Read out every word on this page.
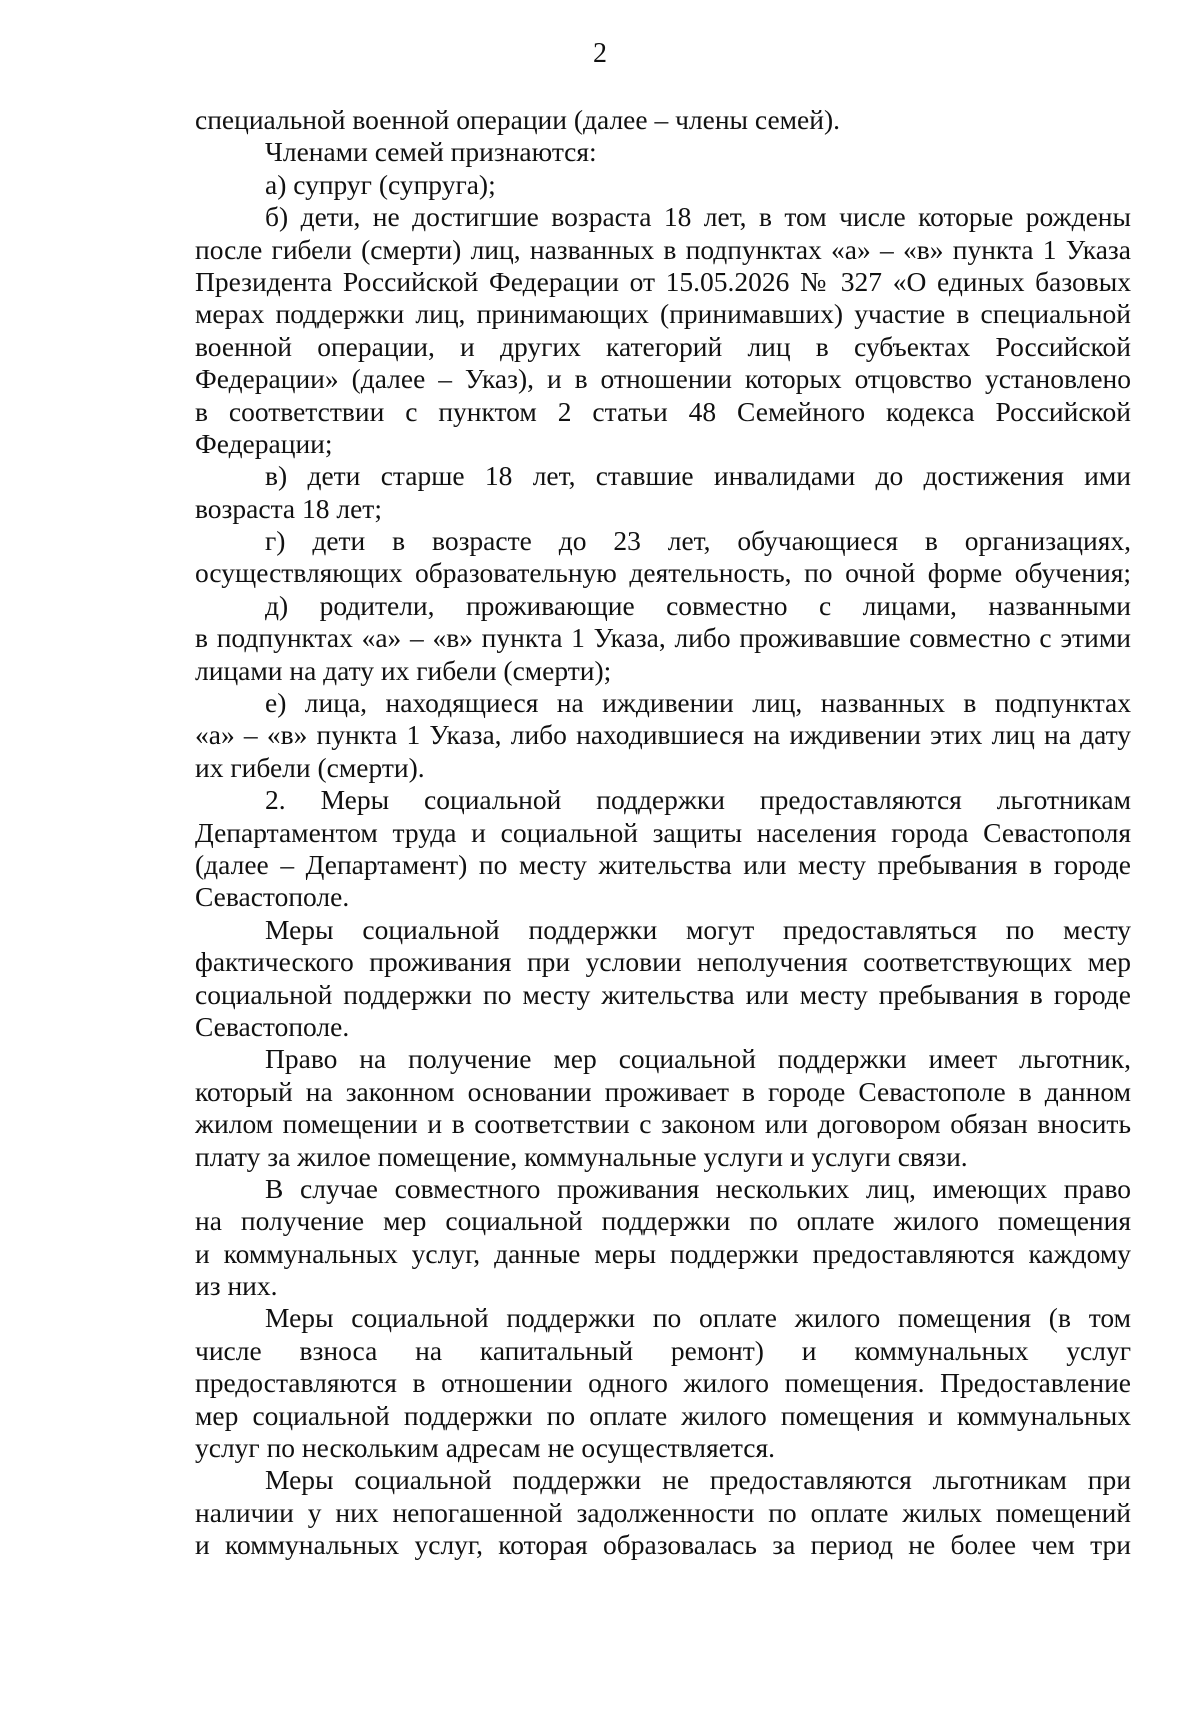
2
специальной военной операции (далее – члены семей).
Членами семей признаются:
а) супруг (супруга);
б) дети, не достигшие возраста 18 лет, в том числе которые рождены
после гибели (смерти) лиц, названных в подпунктах «а» – «в» пункта 1 Указа
Президента Российской Федерации от 15.05.2026 № 327 «О единых базовых
мерах поддержки лиц, принимающих (принимавших) участие в специальной
военной операции, и других категорий лиц в субъектах Российской
Федерации» (далее – Указ), и в отношении которых отцовство установлено
в соответствии с пунктом 2 статьи 48 Семейного кодекса Российской
Федерации;
в) дети старше 18 лет, ставшие инвалидами до достижения ими
возраста 18 лет;
г) дети в возрасте до 23 лет, обучающиеся в организациях,
осуществляющих образовательную деятельность, по очной форме обучения;
д) родители, проживающие совместно с лицами, названными
в подпунктах «а» – «в» пункта 1 Указа, либо проживавшие совместно с этими
лицами на дату их гибели (смерти);
е) лица, находящиеся на иждивении лиц, названных в подпунктах
«а» – «в» пункта 1 Указа, либо находившиеся на иждивении этих лиц на дату
их гибели (смерти).
2. Меры социальной поддержки предоставляются льготникам
Департаментом труда и социальной защиты населения города Севастополя
(далее – Департамент) по месту жительства или месту пребывания в городе
Севастополе.
Меры социальной поддержки могут предоставляться по месту
фактического проживания при условии неполучения соответствующих мер
социальной поддержки по месту жительства или месту пребывания в городе
Севастополе.
Право на получение мер социальной поддержки имеет льготник,
который на законном основании проживает в городе Севастополе в данном
жилом помещении и в соответствии с законом или договором обязан вносить
плату за жилое помещение, коммунальные услуги и услуги связи.
В случае совместного проживания нескольких лиц, имеющих право
на получение мер социальной поддержки по оплате жилого помещения
и коммунальных услуг, данные меры поддержки предоставляются каждому
из них.
Меры социальной поддержки по оплате жилого помещения (в том
числе взноса на капитальный ремонт) и коммунальных услуг
предоставляются в отношении одного жилого помещения. Предоставление
мер социальной поддержки по оплате жилого помещения и коммунальных
услуг по нескольким адресам не осуществляется.
Меры социальной поддержки не предоставляются льготникам при
наличии у них непогашенной задолженности по оплате жилых помещений
и коммунальных услуг, которая образовалась за период не более чем три
